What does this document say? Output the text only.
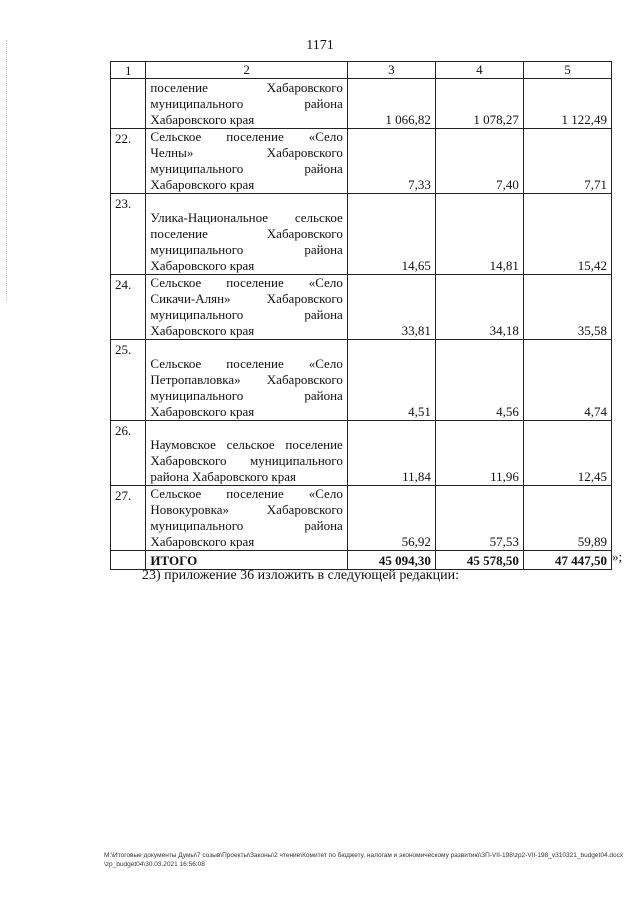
1171
1	2	3	4	5
	поселение Хабаровского муниципального района Хабаровского края	1 066,82	1 078,27	1 122,49
22.	Сельское поселение «Село Челны» Хабаровского муниципального района Хабаровского края	7,33	7,40	7,71
23.	Улика-Национальное сельское поселение Хабаровского муниципального района Хабаровского края	14,65	14,81	15,42
24.	Сельское поселение «Село Сикачи-Алян» Хабаровского муниципального района Хабаровского края	33,81	34,18	35,58
25.	Сельское поселение «Село Петропавловка» Хабаровского муниципального района Хабаровского края	4,51	4,56	4,74
26.	Наумовское сельское поселение Хабаровского муниципального района Хабаровского края	11,84	11,96	12,45
27.	Сельское поселение «Село Новокуровка» Хабаровского муниципального района Хабаровского края	56,92	57,53	59,89
	ИТОГО	45 094,30	45 578,50	47 447,50 »;
23) приложение 36 изложить в следующей редакции:
M:\Итоговые документы Думы\7 созыв\Проекты\Законы\2 чтение\Комитет по бюджету, налогам и экономическому развитию\ЗП-VII-198\zp2-VII-198_v310321_budget04.docx\zp_budget04\30.03.2021 16:56:08
